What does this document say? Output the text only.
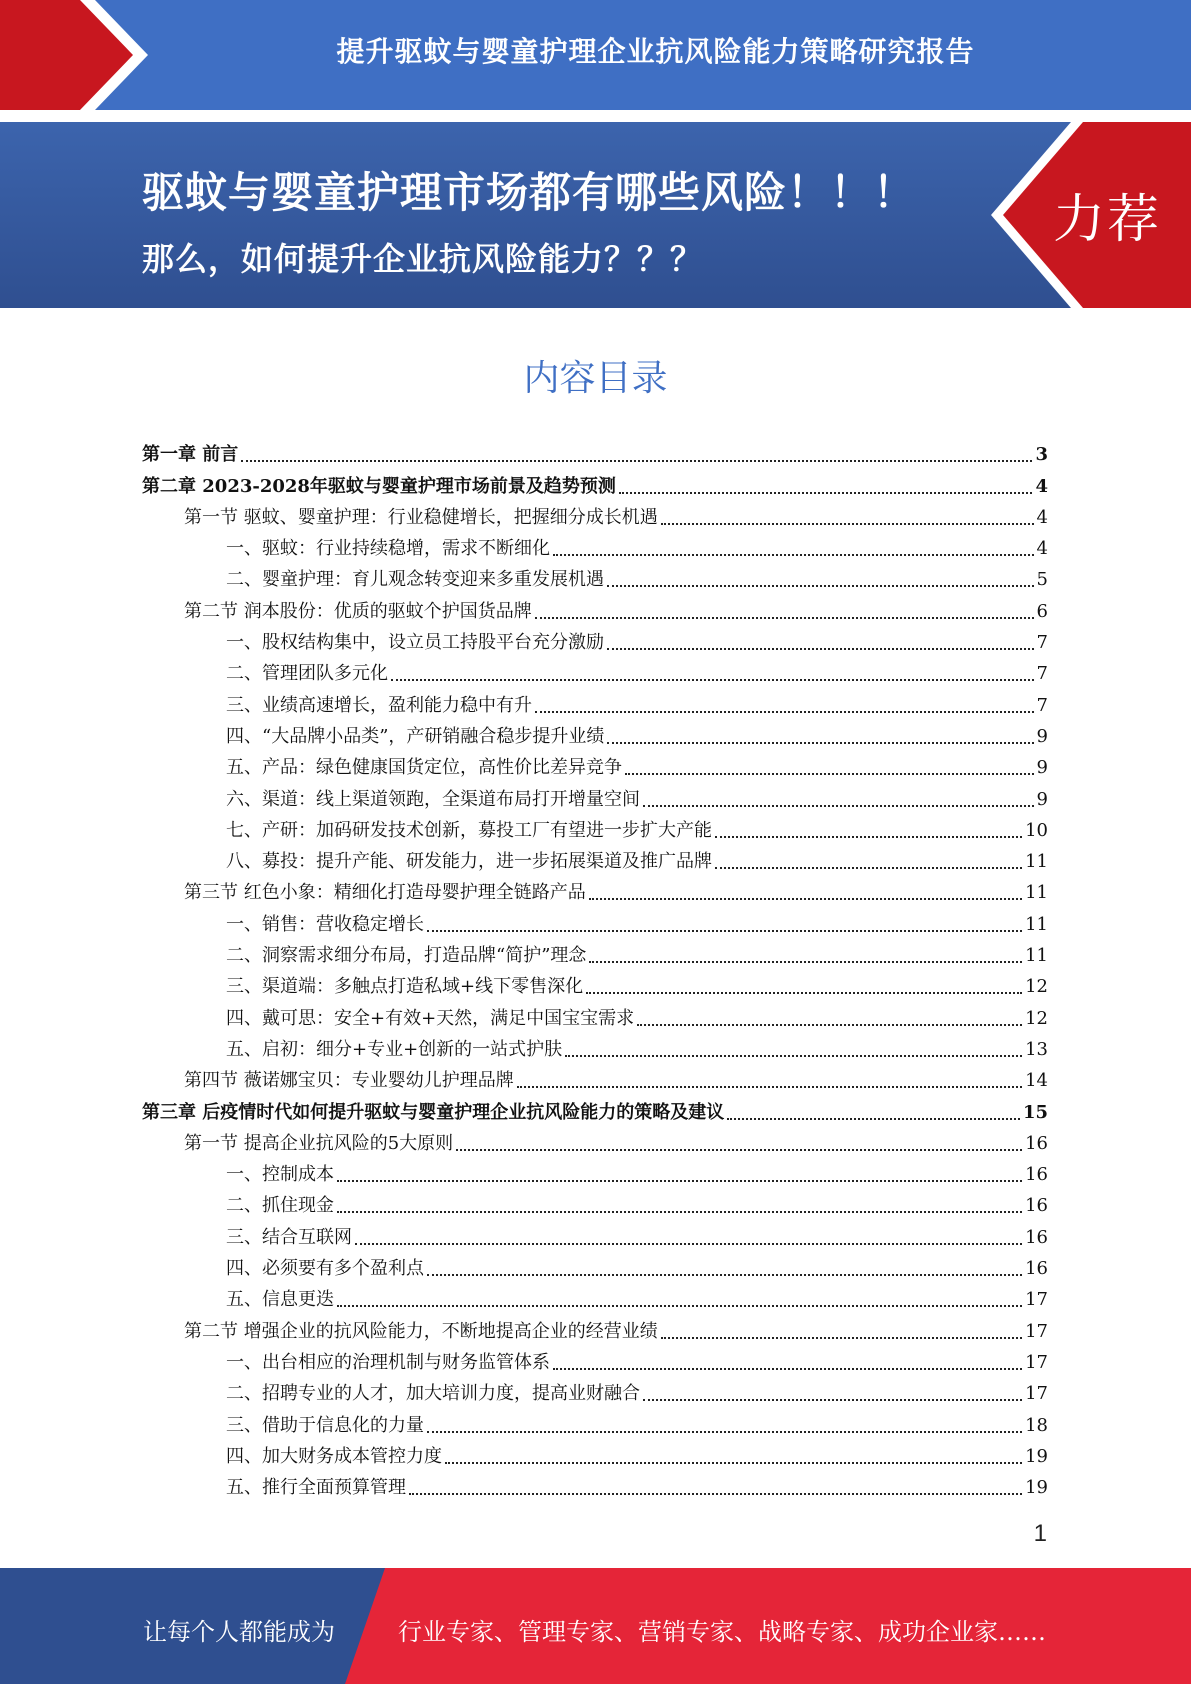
提升驱蚊与婴童护理企业抗风险能力策略研究报告
驱蚊与婴童护理市场都有哪些风险！！！
那么，如何提升企业抗风险能力？？？
力荐
内容目录
第一章 前言	3
第二章 2023-2028年驱蚊与婴童护理市场前景及趋势预测	4
第一节 驱蚊、婴童护理：行业稳健增长，把握细分成长机遇	4
一、驱蚊：行业持续稳增，需求不断细化	4
二、婴童护理：育儿观念转变迎来多重发展机遇	5
第二节 润本股份：优质的驱蚊个护国货品牌	6
一、股权结构集中，设立员工持股平台充分激励	7
二、管理团队多元化	7
三、业绩高速增长，盈利能力稳中有升	7
四、“大品牌小品类”，产研销融合稳步提升业绩	9
五、产品：绿色健康国货定位，高性价比差异竞争	9
六、渠道：线上渠道领跑，全渠道布局打开增量空间	9
七、产研：加码研发技术创新，募投工厂有望进一步扩大产能	10
八、募投：提升产能、研发能力，进一步拓展渠道及推广品牌	11
第三节 红色小象：精细化打造母婴护理全链路产品	11
一、销售：营收稳定增长	11
二、洞察需求细分布局，打造品牌“简护”理念	11
三、渠道端：多触点打造私域+线下零售深化	12
四、戴可思：安全+有效+天然，满足中国宝宝需求	12
五、启初：细分+专业+创新的一站式护肤	13
第四节 薇诺娜宝贝：专业婴幼儿护理品牌	14
第三章 后疫情时代如何提升驱蚊与婴童护理企业抗风险能力的策略及建议	15
第一节 提高企业抗风险的5大原则	16
一、控制成本	16
二、抓住现金	16
三、结合互联网	16
四、必须要有多个盈利点	16
五、信息更迭	17
第二节 增强企业的抗风险能力，不断地提高企业的经营业绩	17
一、出台相应的治理机制与财务监管体系	17
二、招聘专业的人才，加大培训力度，提高业财融合	17
三、借助于信息化的力量	18
四、加大财务成本管控力度	19
五、推行全面预算管理	19
1
让每个人都能成为	行业专家、管理专家、营销专家、战略专家、成功企业家……
